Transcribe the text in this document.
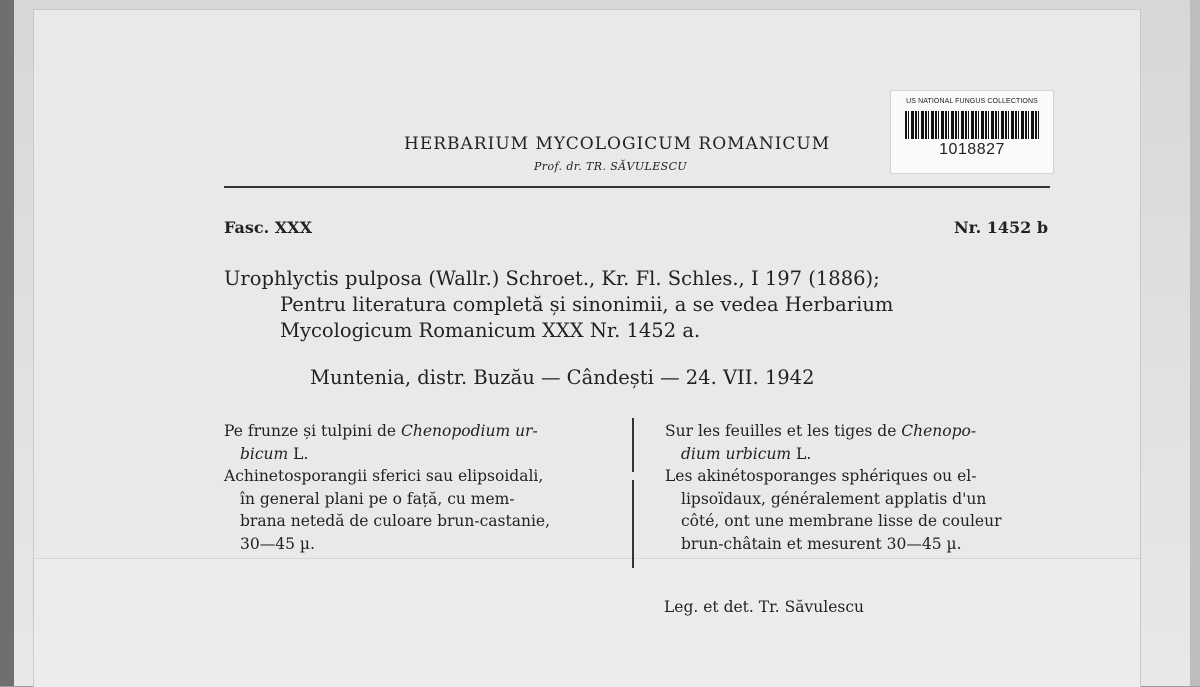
HERBARIUM MYCOLOGICUM ROMANICUM
Prof. dr. TR. SĂVULESCU
US NATIONAL FUNGUS COLLECTIONS
1018827
Fasc. XXX	Nr. 1452 b
Urophlyctis pulposa (Wallr.) Schroet., Kr. Fl. Schles., I 197 (1886);
Pentru literatura completă și sinonimii, a se vedea Herbarium
Mycologicum Romanicum XXX Nr. 1452 a.
Muntenia, distr. Buzău — Cândești — 24. VII. 1942

Pe frunze și tulpini de Chenopodium ur-

bicum L.

Achinetosporangii sferici sau elipsoidali,

în general plani pe o față, cu mem-

brana netedă de culoare brun-castanie,

30—45 µ.

Sur les feuilles et les tiges de Chenopo-

dium urbicum L.

Les akinétosporanges sphériques ou el-

lipsoïdaux, généralement applatis d'un

côté, ont une membrane lisse de couleur

brun-châtain et mesurent 30—45 µ.

Leg. et det. Tr. Săvulescu
